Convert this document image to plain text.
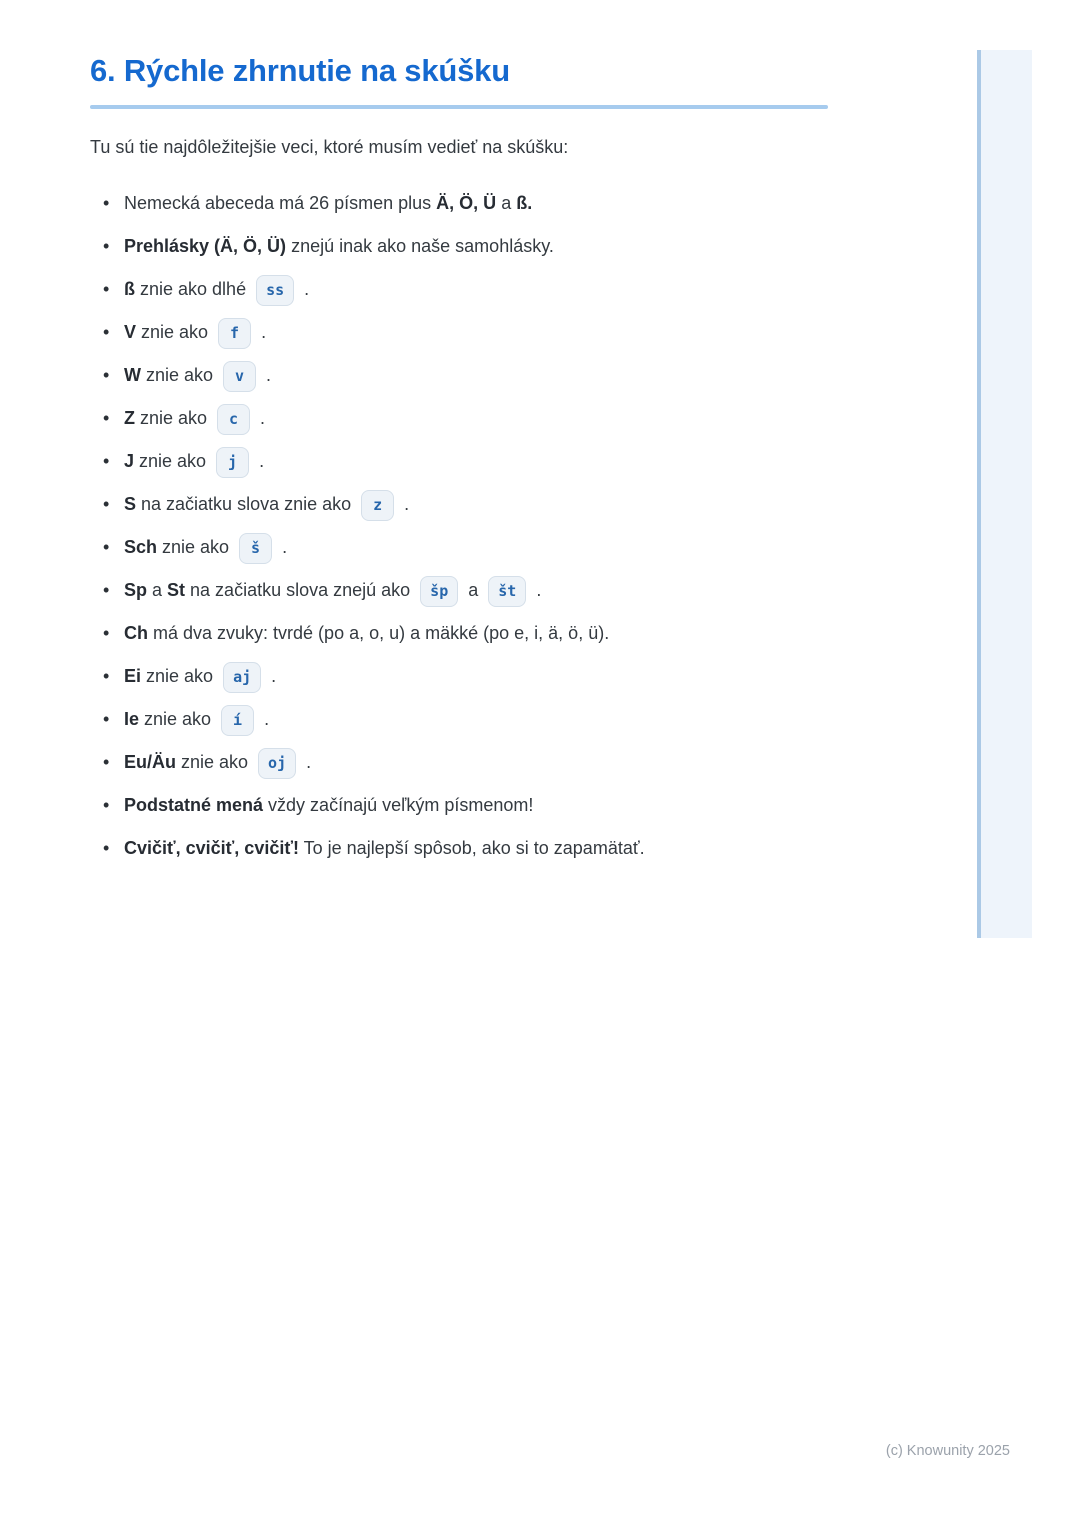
6. Rýchle zhrnutie na skúšku

Tu sú tie najdôležitejšie veci, ktoré musím vedieť na skúšku:

• Nemecká abeceda má 26 písmen plus Ä, Ö, Ü a ß.
• Prehlásky (Ä, Ö, Ü) znejú inak ako naše samohlásky.
• ß znie ako dlhé ss .
• V znie ako f .
• W znie ako v .
• Z znie ako c .
• J znie ako j .
• S na začiatku slova znie ako z .
• Sch znie ako š .
• Sp a St na začiatku slova znejú ako šp a št .
• Ch má dva zvuky: tvrdé (po a, o, u) a mäkké (po e, i, ä, ö, ü).
• Ei znie ako aj .
• Ie znie ako í .
• Eu/Äu znie ako oj .
• Podstatné mená vždy začínajú veľkým písmenom!
• Cvičiť, cvičiť, cvičiť! To je najlepší spôsob, ako si to zapamätať.
(c) Knowunity 2025
